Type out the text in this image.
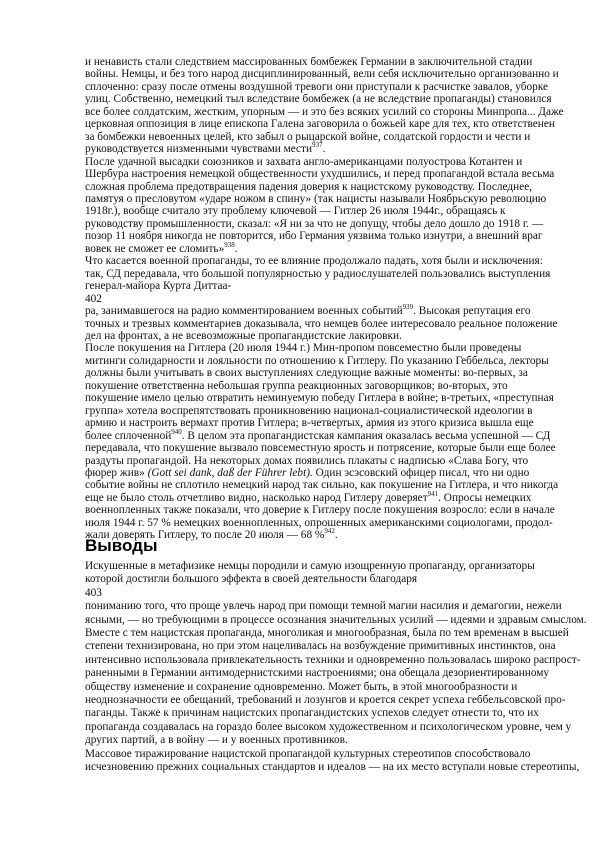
и ненависть стали следствием массированных бомбежек Германии в заключительной стадии
войны. Немцы, и без того народ дисциплинированный, вели себя исключительно организованно и
сплоченно: сразу после отмены воздушной тревоги они приступали к расчистке завалов, уборке
улиц. Собственно, немецкий тыл вследствие бомбежек (а не вследствие пропаганды) становился
все более солдатским, жестким, упорным — и это без всяких усилий со стороны Минпропа... Даже
церковная оппозиция в лице епископа Галена заговорила о божьей каре для тех, кто ответственен
за бомбежки невоенных целей, кто забыл о рыцарской войне, солдатской гордости и чести и
руководствуется низменными чувствами мести$^{937}$.
После удачной высадки союзников и захвата англо-американцами полуострова Котантен и
Шербура настроения немецкой общественности ухудшились, и перед пропагандой встала весьма
сложная проблема предотвращения падения доверия к нацистскому руководству. Последнее,
памятуя о пресловутом «ударе ножом в спину» (так нацисты называли Ноябрьскую революцию
1918г.), вообще считало эту проблему ключевой — Гитлер 26 июля 1944г., обращаясь к
руководству промышленности, сказал: «Я ни за что не допущу, чтобы дело дошло до 1918 г. —
позор 11 ноября никогда не повторится, ибо Германия уязвима только изнутри, а внешний враг
вовек не сможет ее сломить»$^{938}$.
Что касается военной пропаганды, то ее влияние продолжало падать, хотя были и исключения:
так, СД передавала, что большой популярностью у радиослушателей пользовались выступления
генерал-майора Курта Диттаа-
402
ра, занимавшегося на радио комментированием военных событий$^{939}$. Высокая репутация его
точных и трезвых комментариев доказывала, что немцев более интересовало реальное положение
дел на фронтах, а не всевозможные пропагандистские лакировки.
После покушения на Гитлера (20 июля 1944 г.) Мин-пропом повсеместно были проведены
митинги солидарности и лояльности по отношению к Гитлеру. По указанию Геббельса, лекторы
должны были учитывать в своих выступлениях следующие важные моменты: во-первых, за
покушение ответственна небольшая группа реакционных заговорщиков; во-вторых, это
покушение имело целью отвратить неминуемую победу Гитлера в войне; в-третьих, «преступная
группа» хотела воспрепятствовать проникновению национал-социалистической идеологии в
армию и настроить вермахт против Гитлера; в-четвертых, армия из этого кризиса вышла еще
более сплоченной$^{940}$. В целом эта пропагандистская кампания оказалась весьма успешной — СД
передавала, что покушение вызвало повсеместную ярость и потрясение, которые были еще более
раздуты пропагандой. На некоторых домах появились плакаты с надписью «Слава Богу, что
фюрер жив» (Gott sei dank, daß der Führer lebt). Один эсэсовский офицер писал, что ни одно
событие войны не сплотило немецкий народ так сильно, как покушение на Гитлера, и что никогда
еще не было столь отчетливо видно, насколько народ Гитлеру доверяет$^{941}$. Опросы немецких
военнопленных также показали, что доверие к Гитлеру после покушения возросло: если в начале
июля 1944 г. 57 % немецких военнопленных, опрошенных американскими социологами, продол-
жали доверять Гитлеру, то после 20 июля — 68 %$^{942}$.
Выводы
Искушенные в метафизике немцы породили и самую изощренную пропаганду, организаторы
которой достигли большого эффекта в своей деятельности благодаря
403
пониманию того, что проще увлечь народ при помощи темной магии насилия и демагогии, нежели
ясными, — но требующими в процессе осознания значительных усилий — идеями и здравым смыслом.
Вместе с тем нацистская пропаганда, многоликая и многообразная, была по тем временам в высшей
степени технизирована, но при этом нацеливалась на возбуждение примитивных инстинктов, она
интенсивно использовала привлекательность техники и одновременно пользовалась широко распрост-
раненными в Германии антимодернистскими настроениями; она обещала дезориентированному
обществу изменение и сохранение одновременно. Может быть, в этой многообразности и
неоднозначности ее обещаний, требований и лозунгов и кроется секрет успеха геббельсовской про-
паганды. Также к причинам нацистских пропагандистских успехов следует отнести то, что их
пропаганда создавалась на гораздо более высоком художественном и психологическом уровне, чем у
других партий, а в войну — и у военных противников.
Массовое тиражирование нацистской пропагандой культурных стереотипов способствовало
исчезновению прежних социальных стандартов и идеалов — на их место вступали новые стереотипы,
